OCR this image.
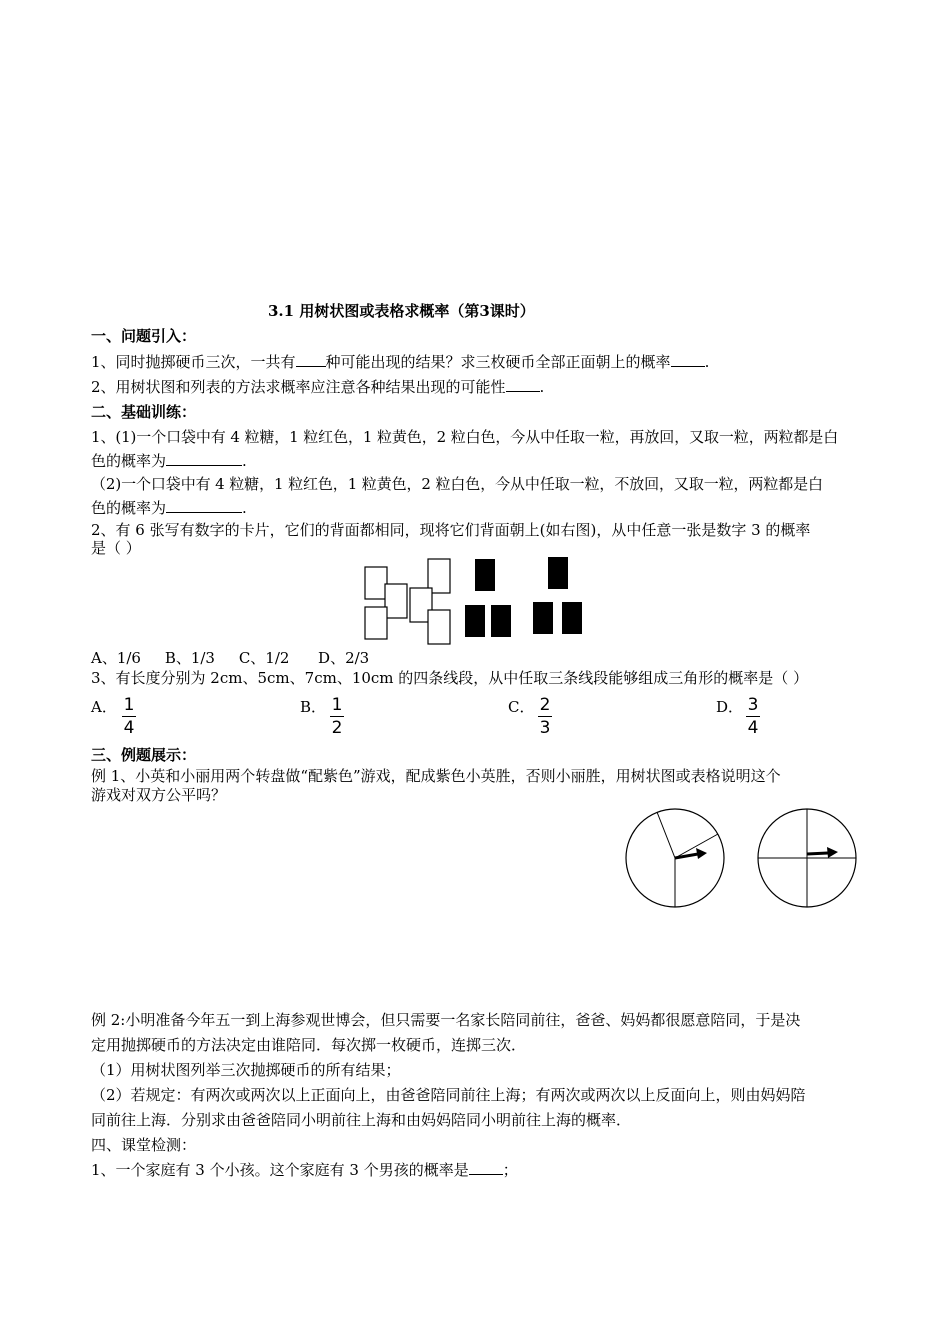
3.1 用树状图或表格求概率（第3课时）
一、问题引入：
1、同时抛掷硬币三次，一共有 种可能出现的结果？求三枚硬币全部正面朝上的概率 .
2、用树状图和列表的方法求概率应注意各种结果出现的可能性 .
二、基础训练：
1、(1)一个口袋中有 4 粒糖，1 粒红色，1 粒黄色，2 粒白色，今从中任取一粒，再放回，又取一粒，两粒都是白
色的概率为	.
（2)一个口袋中有 4 粒糖，1 粒红色，1 粒黄色，2 粒白色，今从中任取一粒，不放回，又取一粒，两粒都是白
色的概率为	.
2、有 6 张写有数字的卡片，它们的背面都相同，现将它们背面朝上(如右图)，从中任意一张是数字 3 的概率
是（ ）
A、1/6     B、1/3     C、1/2      D、2/3
3、有长度分别为 2cm、5cm、7cm、10cm 的四条线段，从中任取三条线段能够组成三角形的概率是（ ）
A． 1
4
B． 1
2
C． 2
3
D． 3
4
三、例题展示：
例 1、小英和小丽用两个转盘做“配紫色”游戏，配成紫色小英胜，否则小丽胜，用树状图或表格说明这个
游戏对双方公平吗？
例 2:小明准备今年五一到上海参观世博会，但只需要一名家长陪同前往，爸爸、妈妈都很愿意陪同，于是决
定用抛掷硬币的方法决定由谁陪同．每次掷一枚硬币，连掷三次．
（1）用树状图列举三次抛掷硬币的所有结果；
（2）若规定：有两次或两次以上正面向上，由爸爸陪同前往上海；有两次或两次以上反面向上，则由妈妈陪
同前往上海．分别求由爸爸陪同小明前往上海和由妈妈陪同小明前往上海的概率．
四、课堂检测：
1、一个家庭有 3 个小孩。这个家庭有 3 个男孩的概率是 ；
